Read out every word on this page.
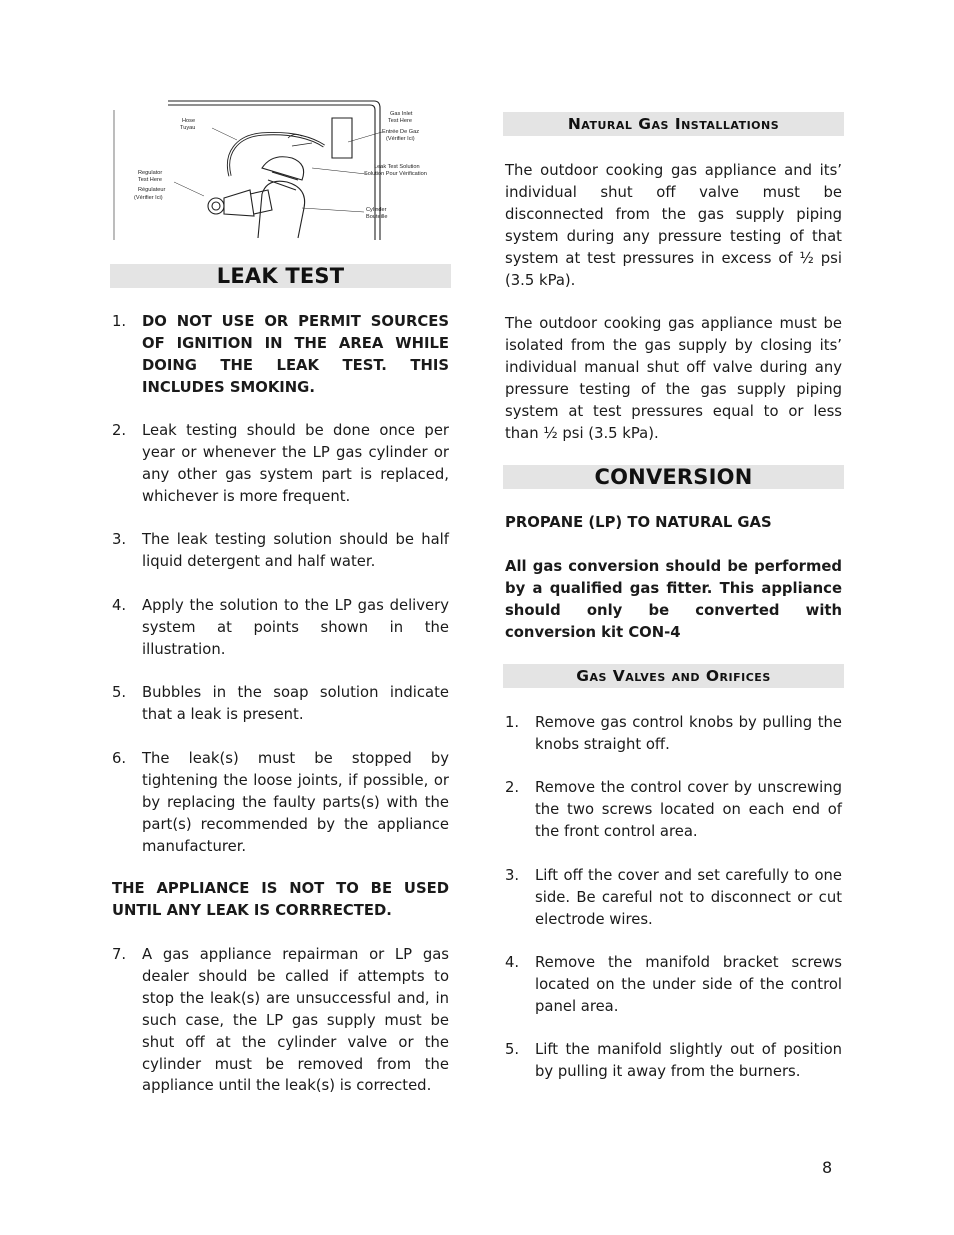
Hose
Tuyau
Regulator
Test Here
Régulateur
(Vérifier Ici)
Gas Inlet
Test Here
Entrée De Gaz
(Vérifier Ici)
Leak Test Solution
Solution Pour Vérification
Cylinder
Bouteille
LEAK TEST
1.	DO NOT USE OR PERMIT SOURCES OF IGNITION IN THE AREA WHILE DOING THE LEAK TEST. THIS INCLUDES SMOKING.
2.	Leak testing should be done once per year or whenever the LP gas cylinder or any other gas system part is replaced, whichever is more frequent.
3.	The leak testing solution should be half liquid detergent and half water.
4.	Apply the solution to the LP gas delivery system at points shown in the illustration.
5.	Bubbles in the soap solution indicate that a leak is present.
6.	The leak(s) must be stopped by tightening the loose joints, if possible, or by replacing the faulty parts(s) with the part(s) recommended by the appliance manufacturer.
THE APPLIANCE IS NOT TO BE USED UNTIL ANY LEAK IS CORRRECTED.
7.	A gas appliance repairman or LP gas dealer should be called if attempts to stop the leak(s) are unsuccessful and, in such case, the LP gas supply must be shut off at the cylinder valve or the cylinder must be removed from the appliance until the leak(s) is corrected.
Natural Gas Installations
The outdoor cooking gas appliance and its’ individual shut off valve must be disconnected from the gas supply piping system during any pressure testing of that system at test pressures in excess of ½ psi (3.5 kPa).
The outdoor cooking gas appliance must be isolated from the gas supply by closing its’ individual manual shut off valve during any pressure testing of the gas supply piping system at test pressures equal to or less than ½ psi (3.5 kPa).
CONVERSION
PROPANE (LP) TO NATURAL GAS
All gas conversion should be performed by a qualified gas fitter. This appliance should only be converted with conversion kit CON-4
Gas Valves and Orifices
1.	Remove gas control knobs by pulling the knobs straight off.
2.	Remove the control cover by unscrewing the two screws located on each end of the front control area.
3.	Lift off the cover and set carefully to one side. Be careful not to disconnect or cut electrode wires.
4.	Remove the manifold bracket screws located on the under side of the control panel area.
5.	Lift the manifold slightly out of position by pulling it away from the burners.
8
